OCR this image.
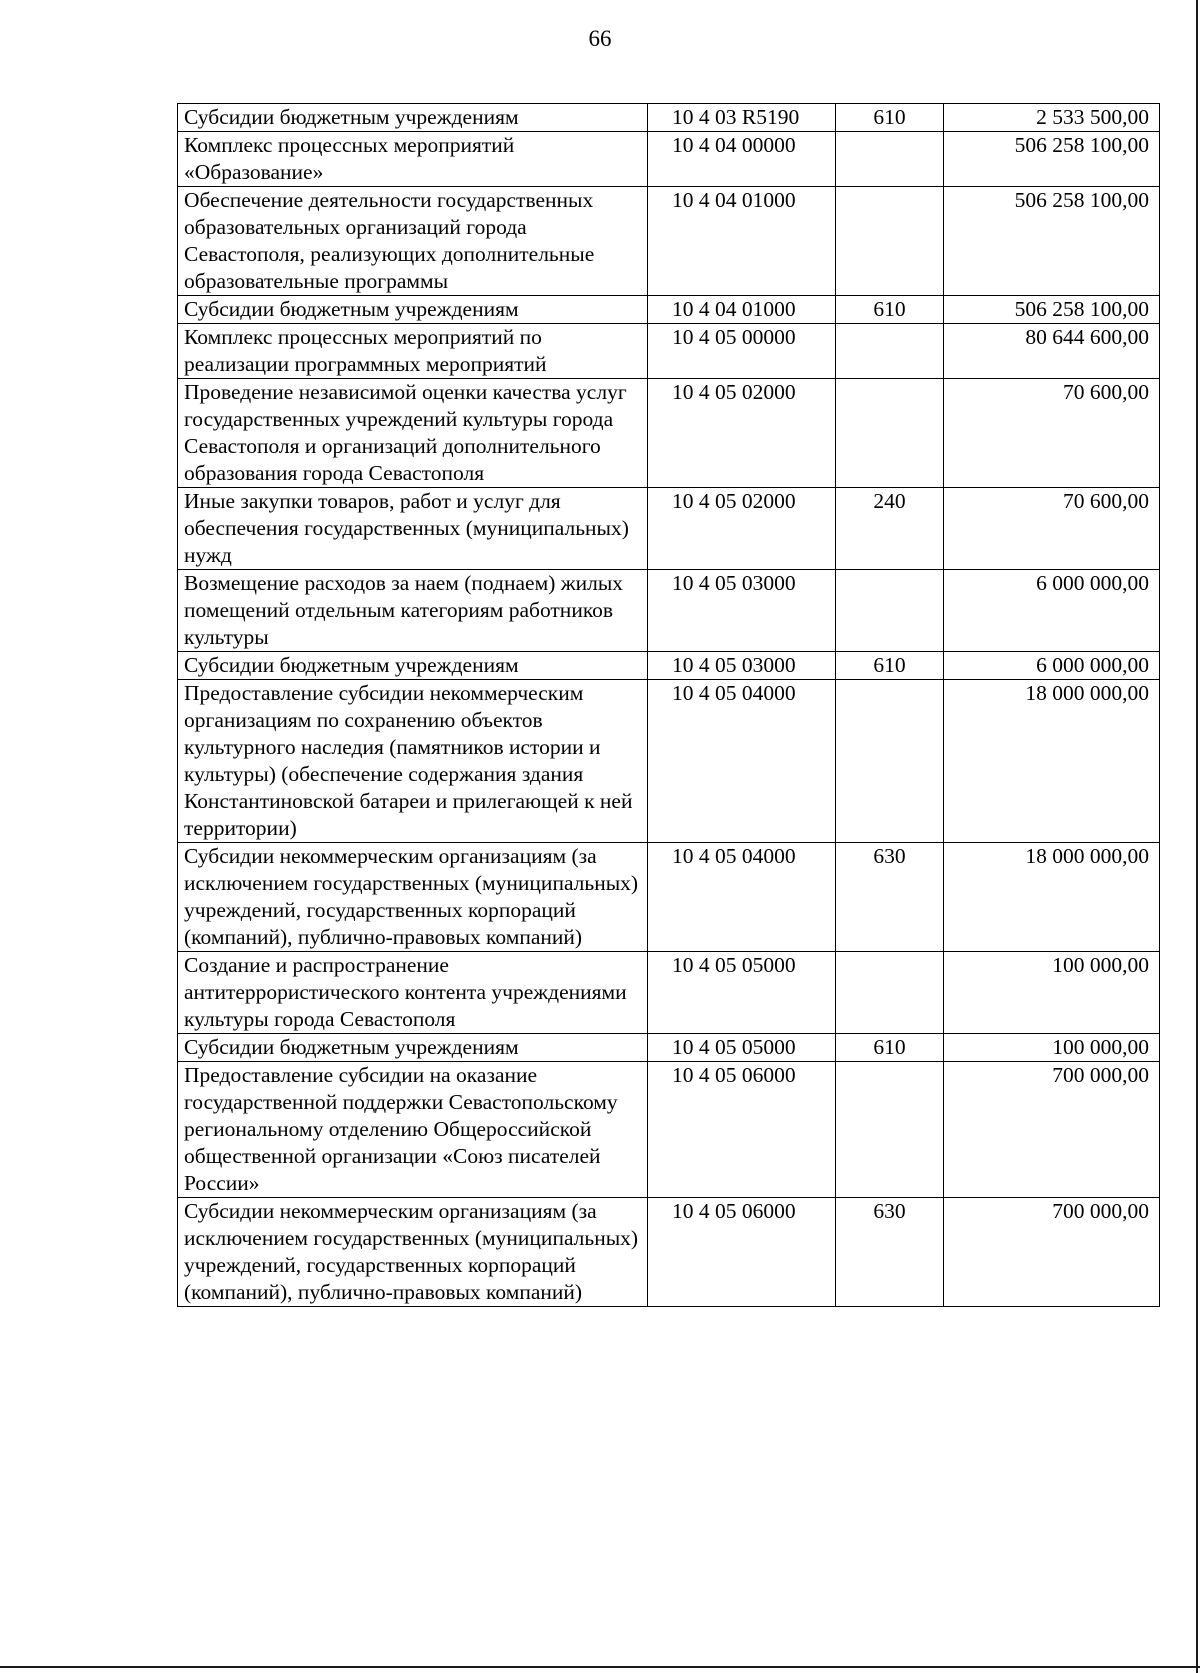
66
Субсидии бюджетным учреждениям	10 4 03 R5190	610	2 533 500,00
Комплекс процессных мероприятий «Образование»	10 4 04 00000		506 258 100,00
Обеспечение деятельности государственных образовательных организаций города Севастополя, реализующих дополнительные образовательные программы	10 4 04 01000		506 258 100,00
Субсидии бюджетным учреждениям	10 4 04 01000	610	506 258 100,00
Комплекс процессных мероприятий по реализации программных мероприятий	10 4 05 00000		80 644 600,00
Проведение независимой оценки качества услуг государственных учреждений культуры города Севастополя и организаций дополнительного образования города Севастополя	10 4 05 02000		70 600,00
Иные закупки товаров, работ и услуг для обеспечения государственных (муниципальных) нужд	10 4 05 02000	240	70 600,00
Возмещение расходов за наем (поднаем) жилых помещений отдельным категориям работников культуры	10 4 05 03000		6 000 000,00
Субсидии бюджетным учреждениям	10 4 05 03000	610	6 000 000,00
Предоставление субсидии некоммерческим организациям по сохранению объектов культурного наследия (памятников истории и культуры) (обеспечение содержания здания Константиновской батареи и прилегающей к ней территории)	10 4 05 04000		18 000 000,00
Субсидии некоммерческим организациям (за исключением государственных (муниципальных) учреждений, государственных корпораций (компаний), публично-правовых компаний)	10 4 05 04000	630	18 000 000,00
Создание и распространение антитеррористического контента учреждениями культуры города Севастополя	10 4 05 05000		100 000,00
Субсидии бюджетным учреждениям	10 4 05 05000	610	100 000,00
Предоставление субсидии на оказание государственной поддержки Севастопольскому региональному отделению Общероссийской общественной организации «Союз писателей России»	10 4 05 06000		700 000,00
Субсидии некоммерческим организациям (за исключением государственных (муниципальных) учреждений, государственных корпораций (компаний), публично-правовых компаний)	10 4 05 06000	630	700 000,00
